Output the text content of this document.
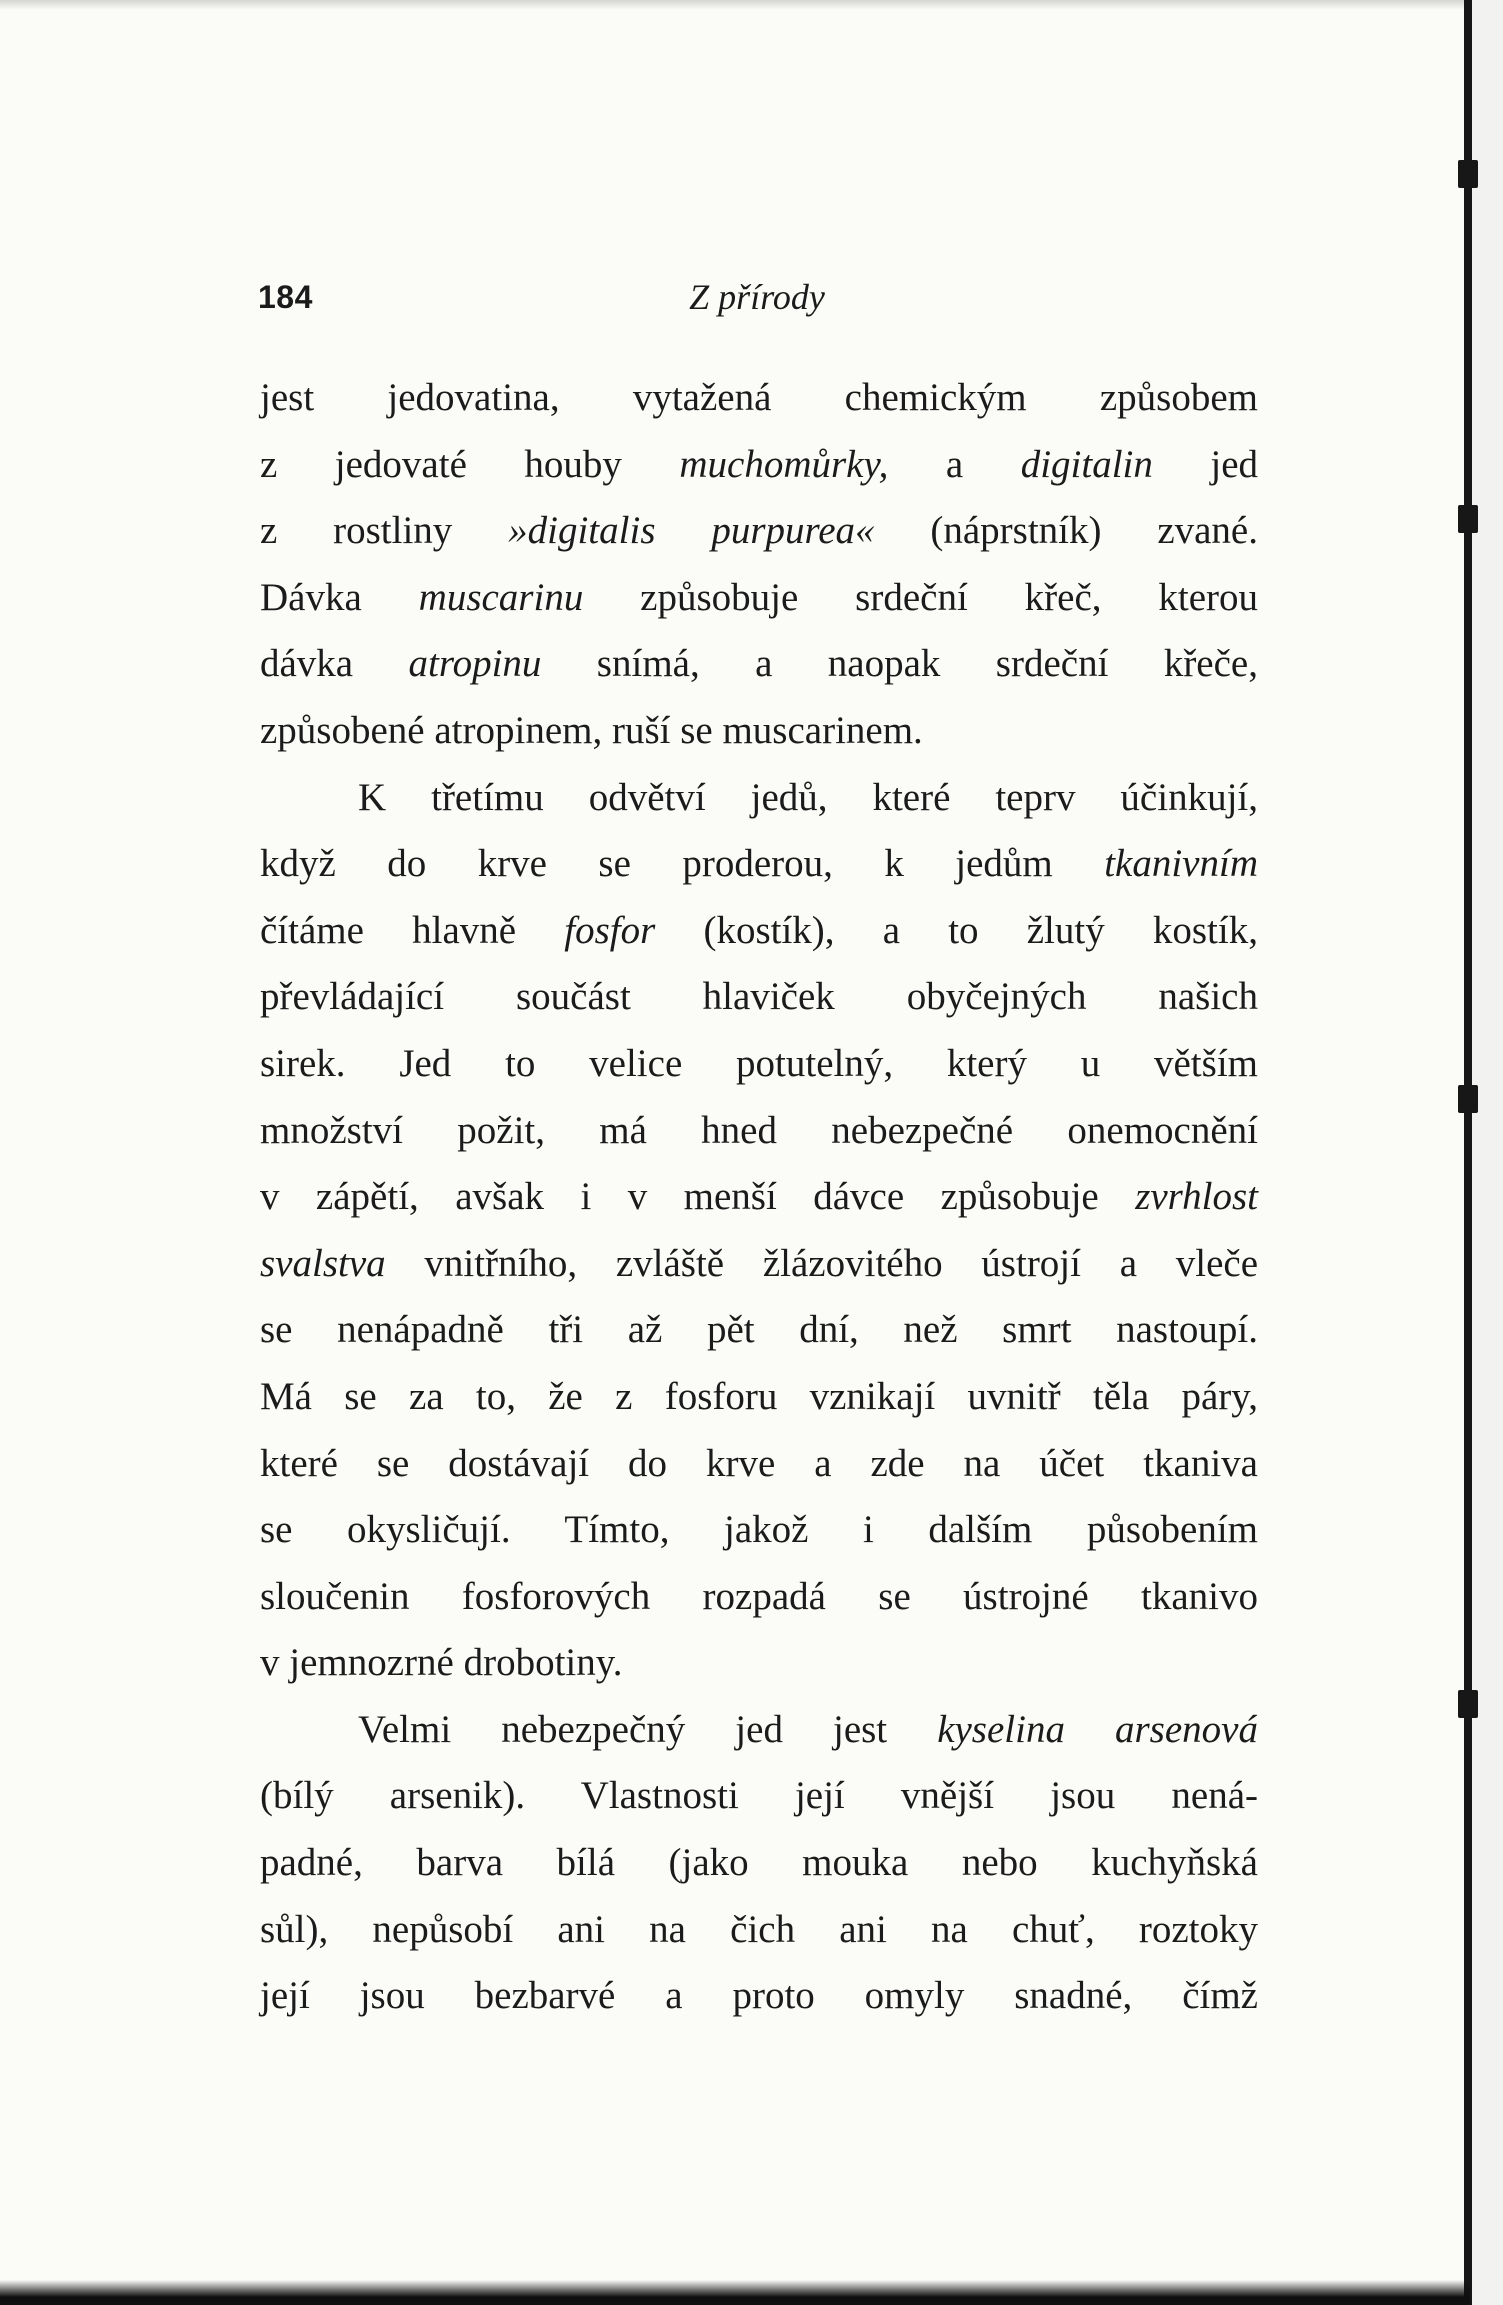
184	Z přírody
jest jedovatina, vytažená chemickým způsobem
z jedovaté houby muchomůrky, a digitalin jed
z rostliny »digitalis purpurea« (náprstník) zvané.
Dávka muscarinu způsobuje srdeční křeč, kterou
dávka atropinu snímá, a naopak srdeční křeče,
způsobené atropinem, ruší se muscarinem.
K třetímu odvětví jedů, které teprv účinkují,
když do krve se proderou, k jedům tkanivním
čítáme hlavně fosfor (kostík), a to žlutý kostík,
převládající součást hlaviček obyčejných našich
sirek. Jed to velice potutelný, který u větším
množství požit, má hned nebezpečné onemocnění
v zápětí, avšak i v menší dávce způsobuje zvrhlost
svalstva vnitřního, zvláště žlázovitého ústrojí a vleče
se nenápadně tři až pět dní, než smrt nastoupí.
Má se za to, že z fosforu vznikají uvnitř těla páry,
které se dostávají do krve a zde na účet tkaniva
se okysličují. Tímto, jakož i dalším působením
sloučenin fosforových rozpadá se ústrojné tkanivo
v jemnozrné drobotiny.
Velmi nebezpečný jed jest kyselina arsenová
(bílý arsenik). Vlastnosti její vnější jsou nená-
padné, barva bílá (jako mouka nebo kuchyňská
sůl), nepůsobí ani na čich ani na chuť, roztoky
její jsou bezbarvé a proto omyly snadné, čímž
